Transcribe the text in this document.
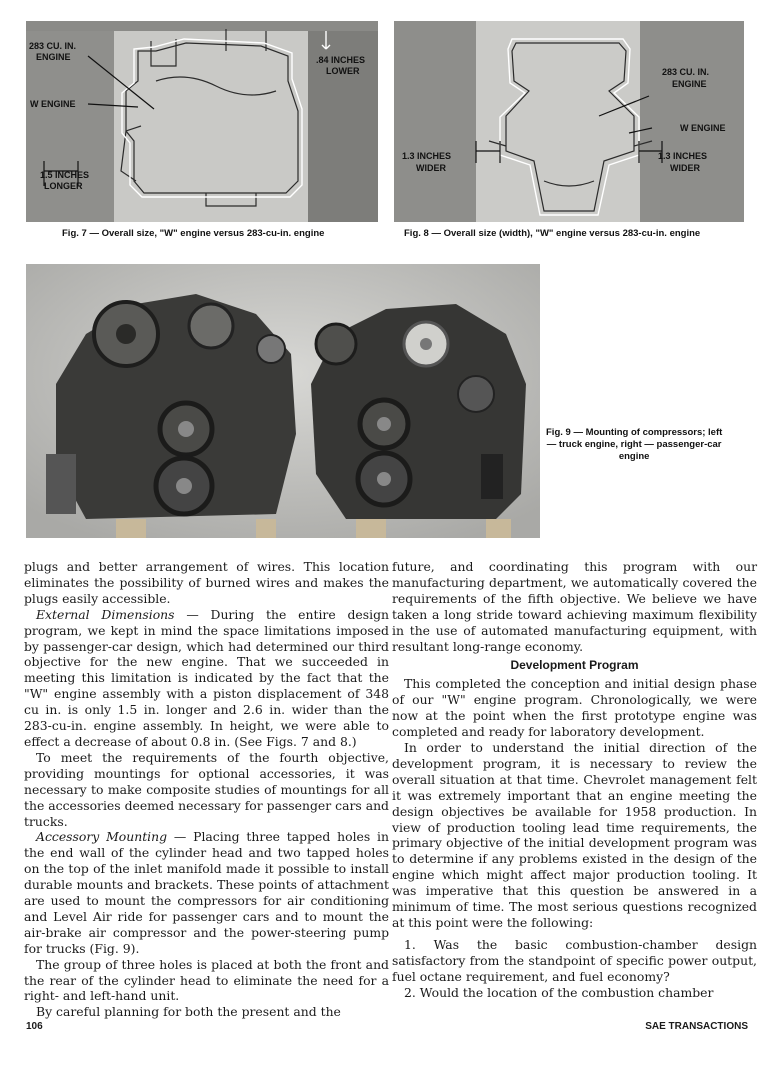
283 CU. IN.
ENGINE	.84 INCHES
LOWER
W ENGINE
1.5 INCHES
LONGER
Fig. 7 — Overall size, "W" engine versus 283-cu-in. engine
283 CU. IN.
ENGINE
W ENGINE
1.3 INCHES
WIDER
1.3 INCHES
WIDER
Fig. 8 — Overall size (width), "W" engine versus 283-cu-in. engine
Fig. 9 — Mounting of compressors; left
— truck engine, right — passenger-car
engine

plugs and better arrangement of wires. This location eliminates the possibility of burned wires and makes the plugs easily accessible.

External Dimensions — During the entire design program, we kept in mind the space limitations imposed by passenger-car design, which had determined our third objective for the new engine. That we succeeded in meeting this limitation is indicated by the fact that the "W" engine assembly with a piston displacement of 348 cu in. is only 1.5 in. longer and 2.6 in. wider than the 283-cu-in. engine assembly. In height, we were able to effect a decrease of about 0.8 in. (See Figs. 7 and 8.)

To meet the requirements of the fourth objective, providing mountings for optional accessories, it was necessary to make composite studies of mountings for all the accessories deemed necessary for passenger cars and trucks.

Accessory Mounting — Placing three tapped holes in the end wall of the cylinder head and two tapped holes on the top of the inlet manifold made it possible to install durable mounts and brackets. These points of attachment are used to mount the compressors for air conditioning and Level Air ride for passenger cars and to mount the air-brake air compressor and the power-steering pump for trucks (Fig. 9).

The group of three holes is placed at both the front and the rear of the cylinder head to eliminate the need for a right- and left-hand unit.

By careful planning for both the present and the

future, and coordinating this program with our manufacturing department, we automatically covered the requirements of the fifth objective. We believe we have taken a long stride toward achieving maximum flexibility in the use of automated manufacturing equipment, with resultant long-range economy.

Development Program

This completed the conception and initial design phase of our "W" engine program. Chronologically, we were now at the point when the first prototype engine was completed and ready for laboratory development.

In order to understand the initial direction of the development program, it is necessary to review the overall situation at that time. Chevrolet management felt it was extremely important that an engine meeting the design objectives be available for 1958 production. In view of production tooling lead time requirements, the primary objective of the initial development program was to determine if any problems existed in the design of the engine which might affect major production tooling. It was imperative that this question be answered in a minimum of time. The most serious questions recognized at this point were the following:

1. Was the basic combustion-chamber design satisfactory from the standpoint of specific power output, fuel octane requirement, and fuel economy?

2. Would the location of the combustion chamber

106	SAE TRANSACTIONS
